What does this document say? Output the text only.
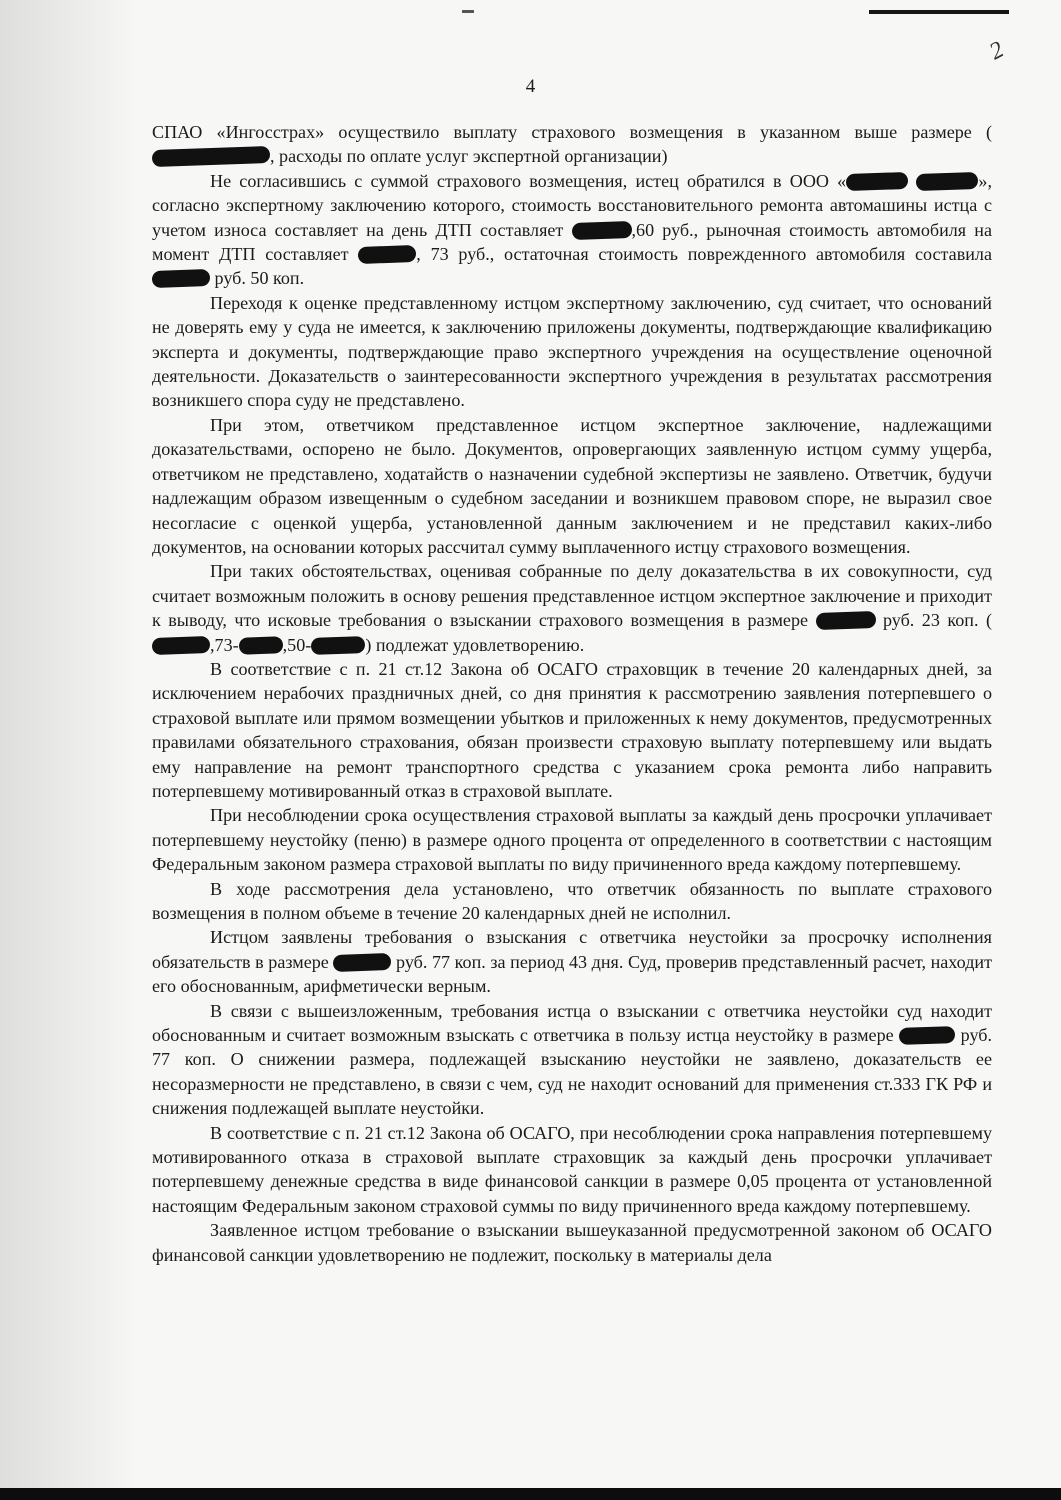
2
4

СПАО «Ингосстрах» осуществило выплату страхового возмещения в указанном выше размере (, расходы по оплате услуг экспертной организации)

Не согласившись с суммой страхового возмещения, истец обратился в ООО «	», согласно экспертному заключению которого, стоимость восстановительного ремонта автомашины истца с учетом износа составляет на день ДТП составляет	,60 руб., рыночная стоимость автомобиля на момент ДТП составляет	, 73 руб., остаточная стоимость поврежденного автомобиля составила  руб. 50 коп.

Переходя к оценке представленному истцом экспертному заключению, суд считает, что оснований не доверять ему у суда не имеется, к заключению приложены документы, подтверждающие квалификацию эксперта и документы, подтверждающие право экспертного учреждения на осуществление оценочной деятельности. Доказательств о заинтересованности экспертного учреждения в результатах рассмотрения возникшего спора суду не представлено.

При этом, ответчиком представленное истцом экспертное заключение, надлежащими доказательствами, оспорено не было. Документов, опровергающих заявленную истцом сумму ущерба, ответчиком не представлено, ходатайств о назначении судебной экспертизы не заявлено. Ответчик, будучи надлежащим образом извещенным о судебном заседании и возникшем правовом споре, не выразил свое несогласие с оценкой ущерба, установленной данным заключением и не представил каких-либо документов, на основании которых рассчитал сумму выплаченного истцу страхового возмещения.

При таких обстоятельствах, оценивая собранные по делу доказательства в их совокупности, суд считает возможным положить в основу решения представленное истцом экспертное заключение и приходит к выводу, что исковые требования о взыскании страхового возмещения в размере	руб. 23 коп. (,73- ,50-	) подлежат удовлетворению.

В соответствие с п. 21 ст.12 Закона об ОСАГО страховщик в течение 20 календарных дней, за исключением нерабочих праздничных дней, со дня принятия к рассмотрению заявления потерпевшего о страховой выплате или прямом возмещении убытков и приложенных к нему документов, предусмотренных правилами обязательного страхования, обязан произвести страховую выплату потерпевшему или выдать ему направление на ремонт транспортного средства с указанием срока ремонта либо направить потерпевшему мотивированный отказ в страховой выплате.

При несоблюдении срока осуществления страховой выплаты за каждый день просрочки уплачивает потерпевшему неустойку (пеню) в размере одного процента от определенного в соответствии с настоящим Федеральным законом размера страховой выплаты по виду причиненного вреда каждому потерпевшему.

В ходе рассмотрения дела установлено, что ответчик обязанность по выплате страхового возмещения в полном объеме в течение 20 календарных дней не исполнил.

Истцом заявлены требования о взыскания с ответчика неустойки за просрочку исполнения обязательств в размере	руб. 77 коп. за период 43 дня. Суд, проверив представленный расчет, находит его обоснованным, арифметически верным.

В связи с вышеизложенным, требования истца о взыскании с ответчика неустойки суд находит обоснованным и считает возможным взыскать с ответчика в пользу истца неустойку в размере	руб. 77 коп. О снижении размера, подлежащей взысканию неустойки не заявлено, доказательств ее несоразмерности не представлено, в связи с чем, суд не находит оснований для применения ст.333 ГК РФ и снижения подлежащей выплате неустойки.

В соответствие с п. 21 ст.12 Закона об ОСАГО, при несоблюдении срока направления потерпевшему мотивированного отказа в страховой выплате страховщик за каждый день просрочки уплачивает потерпевшему денежные средства в виде финансовой санкции в размере 0,05 процента от установленной настоящим Федеральным законом страховой суммы по виду причиненного вреда каждому потерпевшему.

Заявленное истцом требование о взыскании вышеуказанной предусмотренной законом об ОСАГО финансовой санкции удовлетворению не подлежит, поскольку в материалы дела
